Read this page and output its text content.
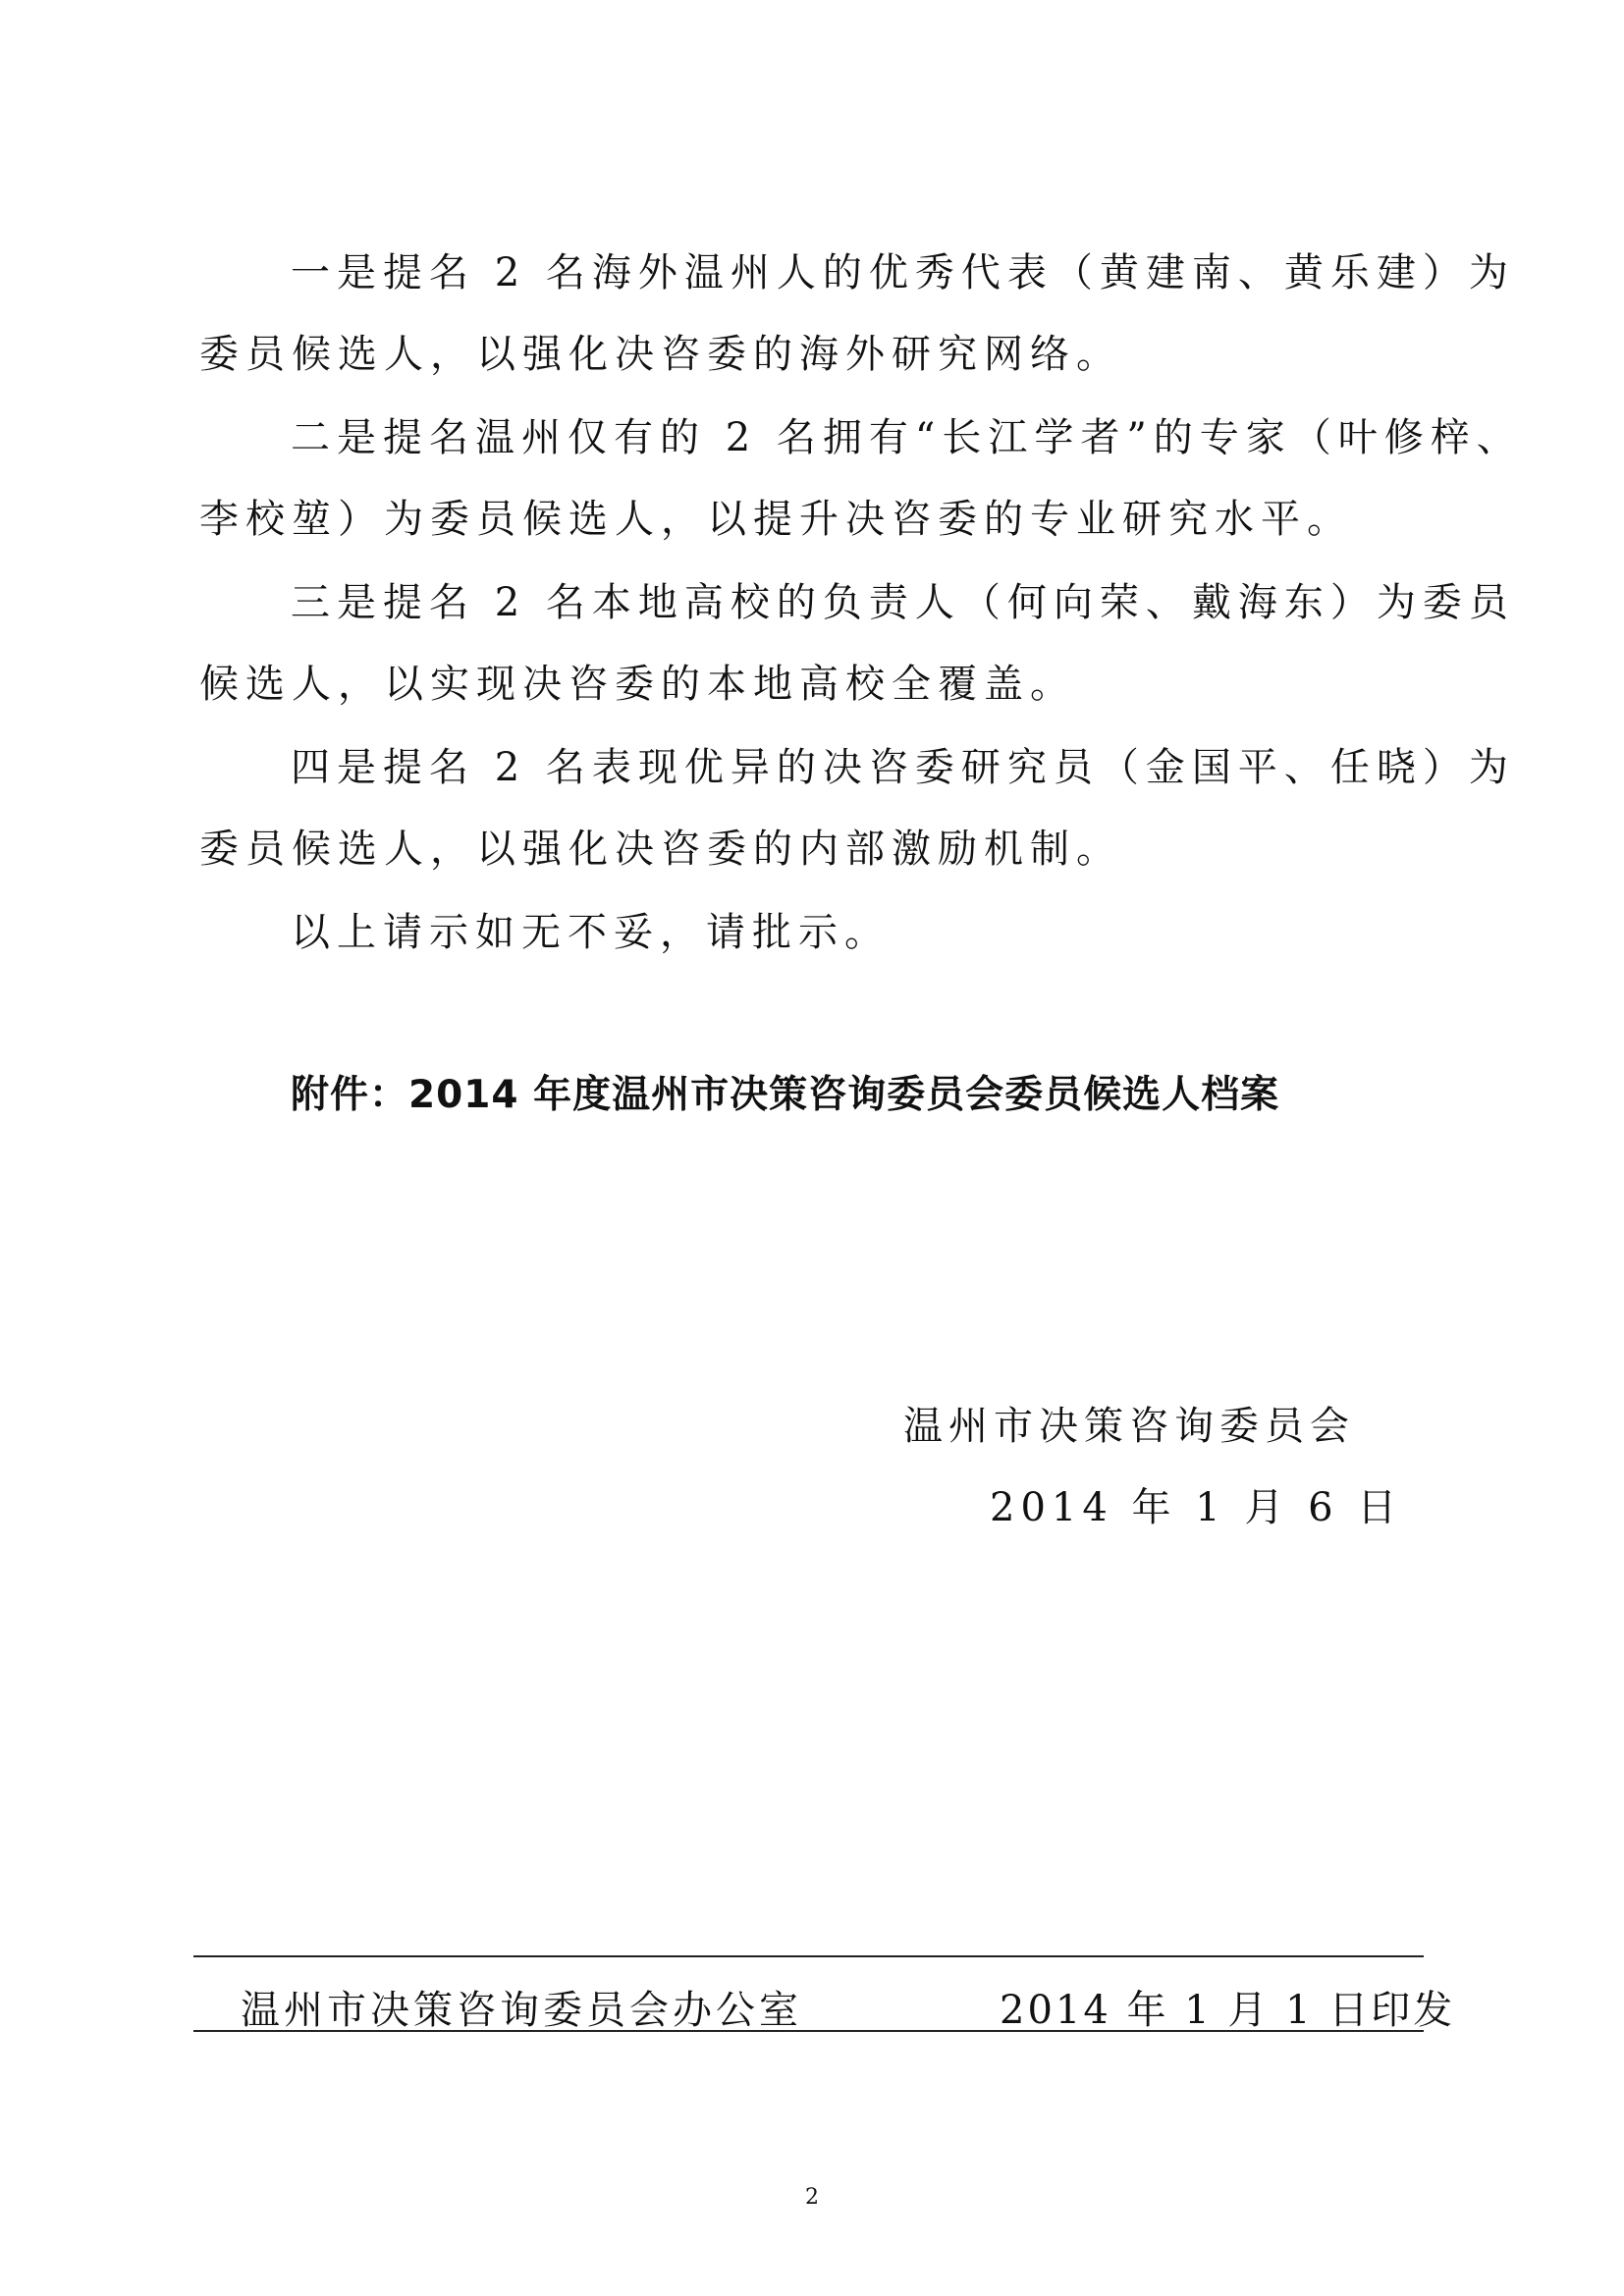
一是提名 2 名海外温州人的优秀代表（黄建南、黄乐建）为
委员候选人，以强化决咨委的海外研究网络。
二是提名温州仅有的 2 名拥有“长江学者”的专家（叶修梓、
李校堃）为委员候选人，以提升决咨委的专业研究水平。
三是提名 2 名本地高校的负责人（何向荣、戴海东）为委员
候选人，以实现决咨委的本地高校全覆盖。
四是提名 2 名表现优异的决咨委研究员（金国平、任晓）为
委员候选人，以强化决咨委的内部激励机制。
以上请示如无不妥，请批示。
附件：2014 年度温州市决策咨询委员会委员候选人档案
温州市决策咨询委员会
2014 年 1 月 6 日
温州市决策咨询委员会办公室	2014 年 1 月 1 日印发
2
